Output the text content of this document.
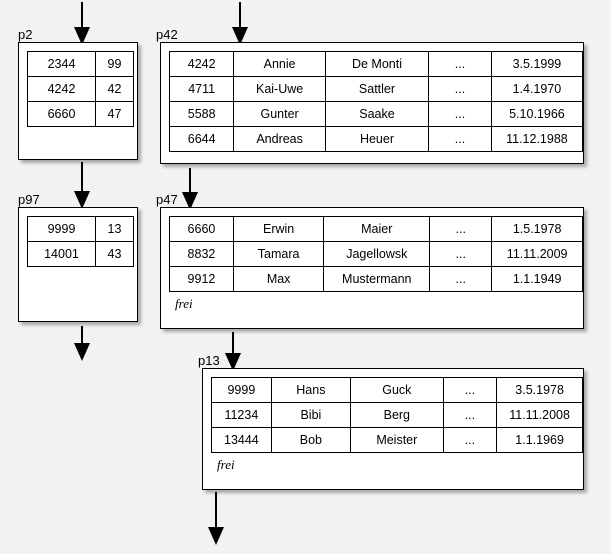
p2
2344	99
4242	42
6660	47
p42
4242	Annie	De Monti	...	3.5.1999
4711	Kai-Uwe	Sattler	...	1.4.1970
5588	Gunter	Saake	...	5.10.1966
6644	Andreas	Heuer	...	11.12.1988
p97
9999	13
14001	43
p47
6660	Erwin	Maier	...	1.5.1978
8832	Tamara	Jagellowsk	...	11.11.2009
9912	Max	Mustermann	...	1.1.1949
frei
p13
9999	Hans	Guck	...	3.5.1978
11234	Bibi	Berg	...	11.11.2008
13444	Bob	Meister	...	1.1.1969
frei
